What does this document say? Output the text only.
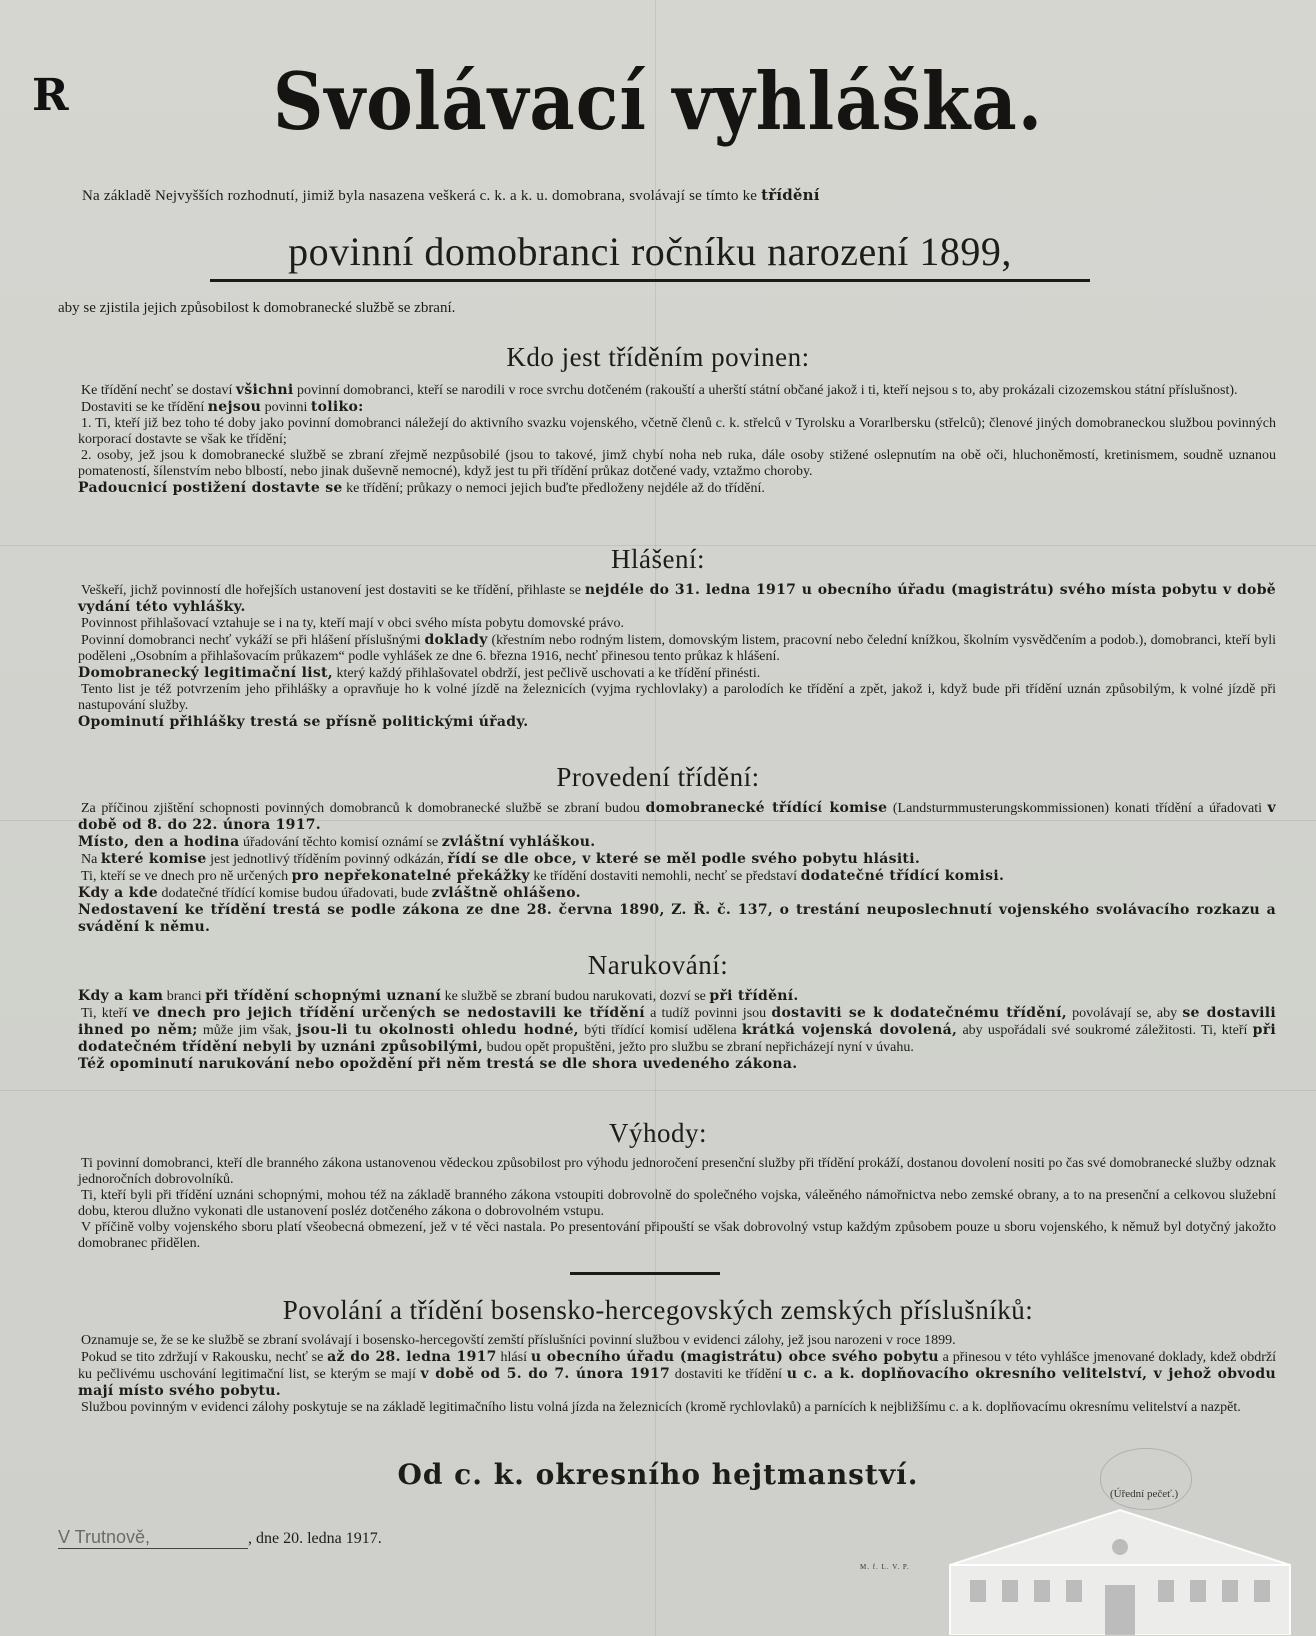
R	Svolávací vyhláška.
Na základě Nejvyšších rozhodnutí, jimiž byla nasazena veškerá c. k. a k. u. domobrana, svolávají se tímto ke třídění
povinní domobranci ročníku narození 1899,
aby se zjistila jejich způsobilost k domobranecké službě se zbraní.
Kdo jest tříděním povinen:

Ke třídění nechť se dostaví všichni povinní domobranci, kteří se narodili v roce svrchu dotčeném (rakouští a uherští státní občané jakož i ti, kteří nejsou s to, aby prokázali cizozemskou státní příslušnost).

Dostaviti se ke třídění nejsou povinni toliko:

1. Ti, kteří již bez toho té doby jako povinní domobranci náležejí do aktivního svazku vojenského, včetně členů c. k. střelců v Tyrolsku a Vorarlbersku (střelců); členové jiných domobraneckou službou povinných korporací dostavte se však ke třídění;

2. osoby, jež jsou k domobranecké službě se zbraní zřejmě nezpůsobilé (jsou to takové, jimž chybí noha neb ruka, dále osoby stižené oslepnutím na obě oči, hluchoněmostí, kretinismem, soudně uznanou pomateností, šílenstvím nebo blbostí, nebo jinak duševně nemocné), když jest tu při třídění průkaz dotčené vady, vztažmo choroby.

Padoucnicí postižení dostavte se ke třídění; průkazy o nemoci jejich buďte předloženy nejdéle až do třídění.

Hlášení:

Veškeří, jichž povinností dle hořejších ustanovení jest dostaviti se ke třídění, přihlaste se nejdéle do 31. ledna 1917 u obecního úřadu (magistrátu) svého místa pobytu v době vydání této vyhlášky.

Povinnost přihlašovací vztahuje se i na ty, kteří mají v obci svého místa pobytu domovské právo.

Povinní domobranci nechť vykáží se při hlášení příslušnými doklady (křestním nebo rodným listem, domovským listem, pracovní nebo čelední knížkou, školním vysvědčením a podob.), domobranci, kteří byli poděleni „Osobním a přihlašovacím průkazem“ podle vyhlášek ze dne 6. března 1916, nechť přinesou tento průkaz k hlášení.

Domobranecký legitimační list, který každý přihlašovatel obdrží, jest pečlivě uschovati a ke třídění přinésti.

Tento list je též potvrzením jeho přihlášky a opravňuje ho k volné jízdě na železnicích (vyjma rychlovlaky) a parolodích ke třídění a zpět, jakož i, když bude při třídění uznán způsobilým, k volné jízdě při nastupování služby.

Opominutí přihlášky trestá se přísně politickými úřady.

Provedení třídění:

Za příčinou zjištění schopnosti povinných domobranců k domobranecké službě se zbraní budou domobranecké třídící komise (Landsturmmusterungskommissionen) konati třídění a úřadovati v době od 8. do 22. února 1917.

Místo, den a hodina úřadování těchto komisí oznámí se zvláštní vyhláškou.

Na které komise jest jednotlivý tříděním povinný odkázán, řídí se dle obce, v které se měl podle svého pobytu hlásiti.

Ti, kteří se ve dnech pro ně určených pro nepřekonatelné překážky ke třídění dostaviti nemohli, nechť se představí dodatečné třídící komisi.

Kdy a kde dodatečné třídící komise budou úřadovati, bude zvláštně ohlášeno.

Nedostavení ke třídění trestá se podle zákona ze dne 28. června 1890, Z. Ř. č. 137, o trestání neuposlechnutí vojenského svolávacího rozkazu a svádění k němu.

Narukování:

Kdy a kam branci při třídění schopnými uznaní ke službě se zbraní budou narukovati, dozví se při třídění.

Ti, kteří ve dnech pro jejich třídění určených se nedostavili ke třídění a tudíž povinni jsou dostaviti se k dodatečnému třídění, povolávají se, aby se dostavili ihned po něm; může jim však, jsou-li tu okolnosti ohledu hodné, býti třídící komisí udělena krátká vojenská dovolená, aby uspořádali své soukromé záležitosti. Ti, kteří při dodatečném třídění nebyli by uznáni způsobilými, budou opět propuštěni, ježto pro službu se zbraní nepřicházejí nyní v úvahu.

Též opominutí narukování nebo opoždění při něm trestá se dle shora uvedeného zákona.

Výhody:

Ti povinní domobranci, kteří dle branného zákona ustanovenou vědeckou způsobilost pro výhodu jednoročení presenční služby při třídění prokáží, dostanou dovolení nositi po čas své domobranecké služby odznak jednoročních dobrovolníků.

Ti, kteří byli při třídění uznáni schopnými, mohou též na základě branného zákona vstoupiti dobrovolně do společného vojska, váleěného námořnictva nebo zemské obrany, a to na presenční a celkovou služební dobu, kterou dlužno vykonati dle ustanovení posléz dotčeného zákona o dobrovolném vstupu.

V příčině volby vojenského sboru platí všeobecná obmezení, jež v té věci nastala. Po presentování připouští se však dobrovolný vstup každým způsobem pouze u sboru vojenského, k němuž byl dotyčný jakožto domobranec přidělen.

Povolání a třídění bosensko-hercegovských zemských příslušníků:

Oznamuje se, že se ke službě se zbraní svolávají i bosensko-hercegovští zemští příslušníci povinní službou v evidenci zálohy, jež jsou narozeni v roce 1899.

Pokud se tito zdržují v Rakousku, nechť se až do 28. ledna 1917 hlásí u obecního úřadu (magistrátu) obce svého pobytu a přinesou v této vyhlášce jmenované doklady, kdež obdrží ku pečlivému uschování legitimační list, se kterým se mají v době od 5. do 7. února 1917 dostaviti ke třídění u c. a k. doplňovacího okresního velitelství, v jehož obvodu mají místo svého pobytu.

Službou povinným v evidenci zálohy poskytuje se na základě legitimačního listu volná jízda na železnicích (kromě rychlovlaků) a parnících k nejbližšímu c. a k. doplňovacímu okresnímu velitelství a nazpět.

Od c. k. okresního hejtmanství.
(Úřední pečeť.)
V Trutnově,	, dne 20. ledna 1917.
M. f. L. V. P.
